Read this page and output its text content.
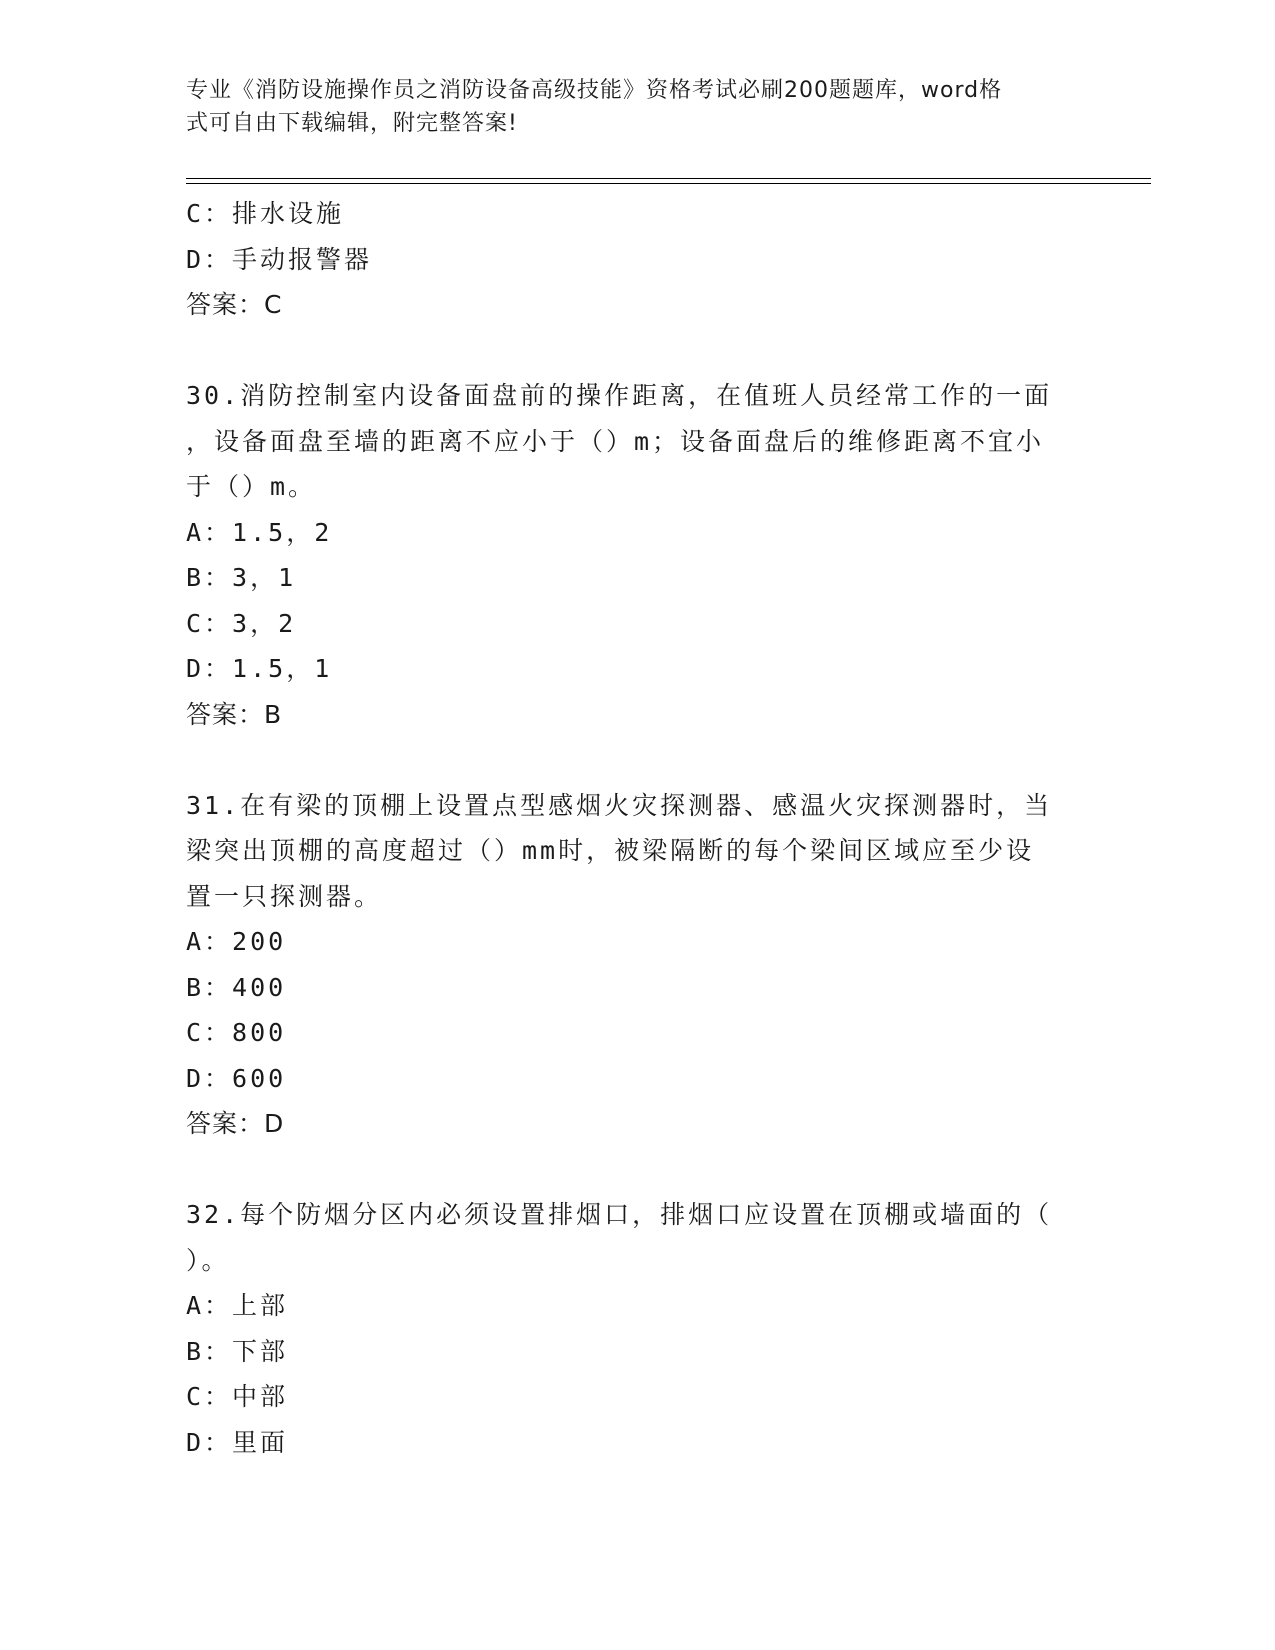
专业《消防设施操作员之消防设备高级技能》资格考试必刷200题题库，word格
式可自由下载编辑，附完整答案!
C：排水设施
D：手动报警器
答案：C
30.消防控制室内设备面盘前的操作距离，在值班人员经常工作的一面
，设备面盘至墙的距离不应小于（）m；设备面盘后的维修距离不宜小
于（）m。
A：1.5，2
B：3，1
C：3，2
D：1.5，1
答案：B
31.在有梁的顶棚上设置点型感烟火灾探测器、感温火灾探测器时，当
梁突出顶棚的高度超过（）mm时，被梁隔断的每个梁间区域应至少设
置一只探测器。
A：200
B：400
C：800
D：600
答案：D
32.每个防烟分区内必须设置排烟口，排烟口应设置在顶棚或墙面的（
）。
A：上部
B：下部
C：中部
D：里面
